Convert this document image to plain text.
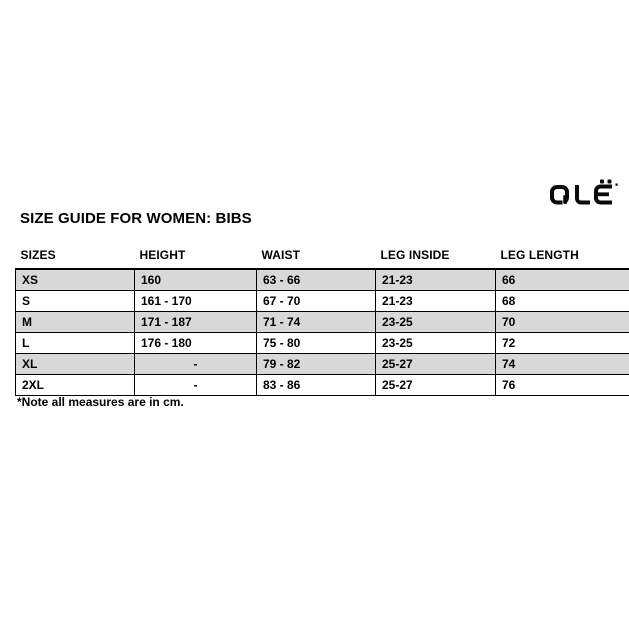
SIZE GUIDE FOR WOMEN: BIBS
SIZES	HEIGHT	WAIST	LEG INSIDE	LEG LENGTH
XS	160	63 - 66	21-23	66
S	161 - 170	67 - 70	21-23	68
M	171 - 187	71 - 74	23-25	70
L	176 - 180	75 - 80	23-25	72
XL	-	79 - 82	25-27	74
2XL	-	83 - 86	25-27	76
*Note all measures are in cm.
